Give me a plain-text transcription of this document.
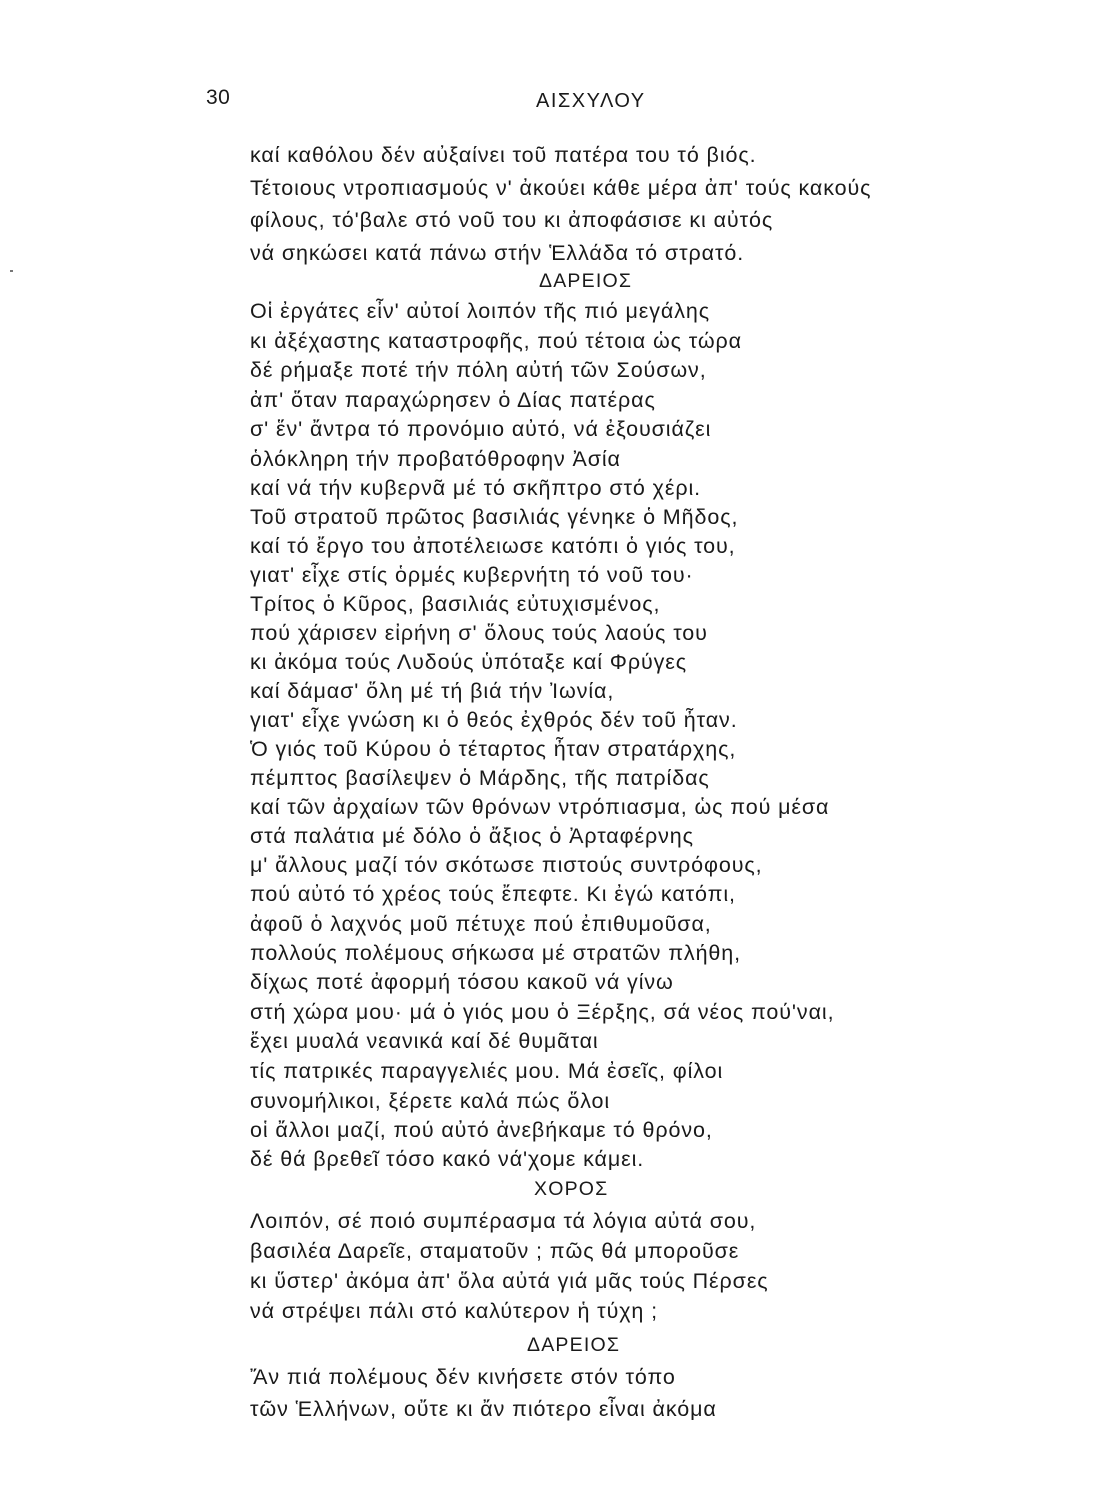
30	ΑΙΣΧΥΛΟΥ
καί καθόλου δέν αὐξαίνει τοῦ πατέρα του τό βιός.
Τέτοιους ντροπιασμούς ν' ἀκούει κάθε μέρα ἀπ' τούς κακούς
φίλους, τό'βαλε στό νοῦ του κι ἀποφάσισε κι αὐτός
νά σηκώσει κατά πάνω στήν Ἑλλάδα τό στρατό.
ΔΑΡΕΙΟΣ
Οἱ ἐργάτες εἶν' αὐτοί λοιπόν τῆς πιό μεγάλης
κι ἀξέχαστης καταστροφῆς, πού τέτοια ὡς τώρα
δέ ρήμαξε ποτέ τήν πόλη αὐτή τῶν Σούσων,
ἀπ' ὅταν παραχώρησεν ὁ Δίας πατέρας
σ' ἕν' ἄντρα τό προνόμιο αὐτό, νά ἐξουσιάζει
ὁλόκληρη τήν προβατόθροφην Ἀσία
καί νά τήν κυβερνᾶ μέ τό σκῆπτρο στό χέρι.
Τοῦ στρατοῦ πρῶτος βασιλιάς γένηκε ὁ Μῆδος,
καί τό ἔργο του ἀποτέλειωσε κατόπι ὁ γιός του,
γιατ' εἶχε στίς ὁρμές κυβερνήτη τό νοῦ του·
Τρίτος ὁ Κῦρος, βασιλιάς εὐτυχισμένος,
πού χάρισεν εἰρήνη σ' ὅλους τούς λαούς του
κι ἀκόμα τούς Λυδούς ὑπόταξε καί Φρύγες
καί δάμασ' ὅλη μέ τή βιά τήν Ἰωνία,
γιατ' εἶχε γνώση κι ὁ θεός ἐχθρός δέν τοῦ ἦταν.
Ὁ γιός τοῦ Κύρου ὁ τέταρτος ἦταν στρατάρχης,
πέμπτος βασίλεψεν ὁ Μάρδης, τῆς πατρίδας
καί τῶν ἀρχαίων τῶν θρόνων ντρόπιασμα, ὡς πού μέσα
στά παλάτια μέ δόλο ὁ ἄξιος ὁ Ἀρταφέρνης
μ' ἄλλους μαζί τόν σκότωσε πιστούς συντρόφους,
πού αὐτό τό χρέος τούς ἔπεφτε. Κι ἐγώ κατόπι,
ἀφοῦ ὁ λαχνός μοῦ πέτυχε πού ἐπιθυμοῦσα,
πολλούς πολέμους σήκωσα μέ στρατῶν πλήθη,
δίχως ποτέ ἀφορμή τόσου κακοῦ νά γίνω
στή χώρα μου· μά ὁ γιός μου ὁ Ξέρξης, σά νέος πού'ναι,
ἔχει μυαλά νεανικά καί δέ θυμᾶται
τίς πατρικές παραγγελιές μου. Μά ἐσεῖς, φίλοι
συνομήλικοι, ξέρετε καλά πώς ὅλοι
οἱ ἄλλοι μαζί, πού αὐτό ἀνεβήκαμε τό θρόνο,
δέ θά βρεθεῖ τόσο κακό νά'χομε κάμει.
ΧΟΡΟΣ
Λοιπόν, σέ ποιό συμπέρασμα τά λόγια αὐτά σου,
βασιλέα Δαρεῖε, σταματοῦν ; πῶς θά μποροῦσε
κι ὕστερ' ἀκόμα ἀπ' ὅλα αὐτά γιά μᾶς τούς Πέρσες
νά στρέψει πάλι στό καλύτερον ἡ τύχη ;
ΔΑΡΕΙΟΣ
Ἄν πιά πολέμους δέν κινήσετε στόν τόπο
τῶν Ἑλλήνων, οὔτε κι ἄν πιότερο εἶναι ἀκόμα
